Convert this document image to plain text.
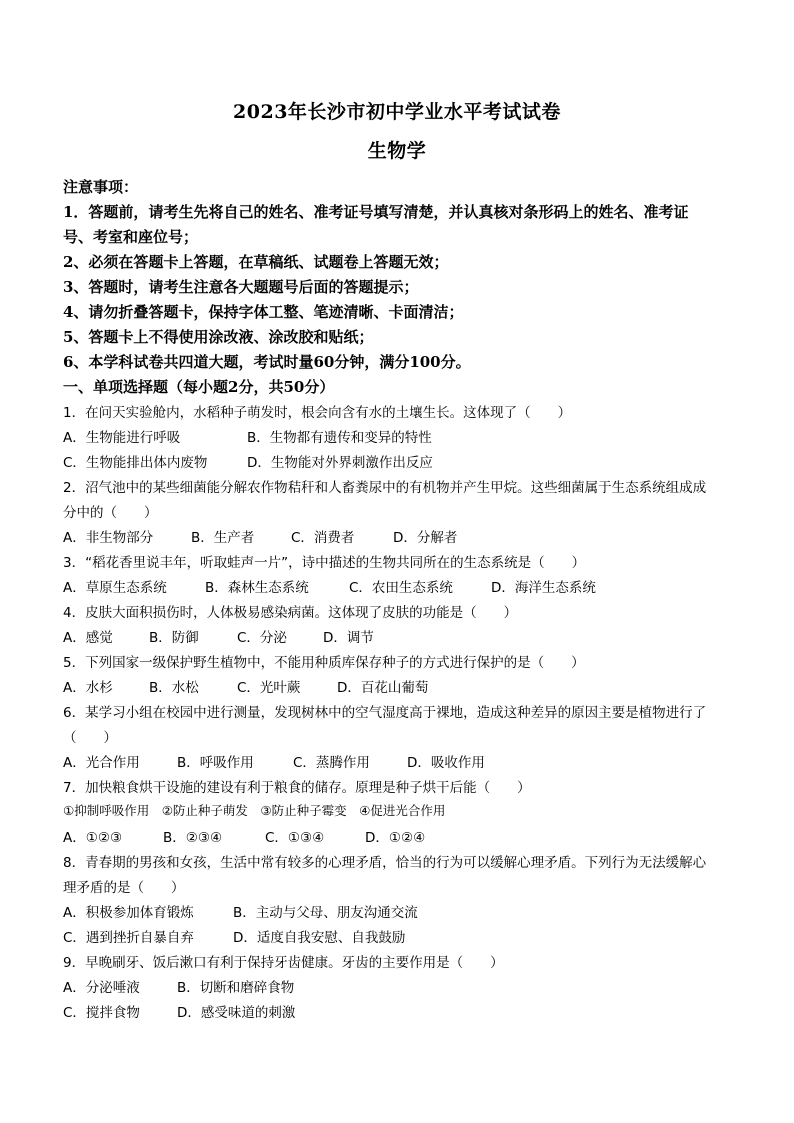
2023年长沙市初中学业水平考试试卷
生物学
注意事项：
1．答题前，请考生先将自己的姓名、准考证号填写清楚，并认真核对条形码上的姓名、准考证
号、考室和座位号；
2、必须在答题卡上答题，在草稿纸、试题卷上答题无效；
3、答题时，请考生注意各大题题号后面的答题提示；
4、请勿折叠答题卡，保持字体工整、笔迹清晰、卡面清洁；
5、答题卡上不得使用涂改液、涂改胶和贴纸；
6、本学科试卷共四道大题，考试时量60分钟，满分100分。
一、单项选择题（每小题2分，共50分）
1．在问天实验舱内，水稻种子萌发时，根会向含有水的土壤生长。这体现了（　　）
A．生物能进行呼吸	B．生物都有遗传和变异的特性
C．生物能排出体内废物	D．生物能对外界刺激作出反应
2．沼气池中的某些细菌能分解农作物秸秆和人畜粪尿中的有机物并产生甲烷。这些细菌属于生态系统组成成
分中的（　　）
A．非生物部分	B．生产者	C．消费者	D．分解者
3．“稻花香里说丰年，听取蛙声一片”，诗中描述的生物共同所在的生态系统是（　　）
A．草原生态系统	B．森林生态系统	C．农田生态系统	D．海洋生态系统
4．皮肤大面积损伤时，人体极易感染病菌。这体现了皮肤的功能是（　　）
A．感觉	B．防御	C．分泌	D．调节
5．下列国家一级保护野生植物中，不能用种质库保存种子的方式进行保护的是（　　）
A．水杉	B．水松	C．光叶蕨	D．百花山葡萄
6．某学习小组在校园中进行测量，发现树林中的空气湿度高于裸地，造成这种差异的原因主要是植物进行了
（　　）
A．光合作用	B．呼吸作用	C．蒸腾作用	D．吸收作用
7．加快粮食烘干设施的建设有利于粮食的储存。原理是种子烘干后能（　　）
①抑制呼吸作用　②防止种子萌发　③防止种子霉变　④促进光合作用
A．①②③	B．②③④	C．①③④	D．①②④
8．青春期的男孩和女孩，生活中常有较多的心理矛盾，恰当的行为可以缓解心理矛盾。下列行为无法缓解心
理矛盾的是（　　）
A．积极参加体育锻炼	B．主动与父母、朋友沟通交流
C．遇到挫折自暴自弃	D．适度自我安慰、自我鼓励
9．早晚刷牙、饭后漱口有利于保持牙齿健康。牙齿的主要作用是（　　）
A．分泌唾液	B．切断和磨碎食物
C．搅拌食物	D．感受味道的刺激
